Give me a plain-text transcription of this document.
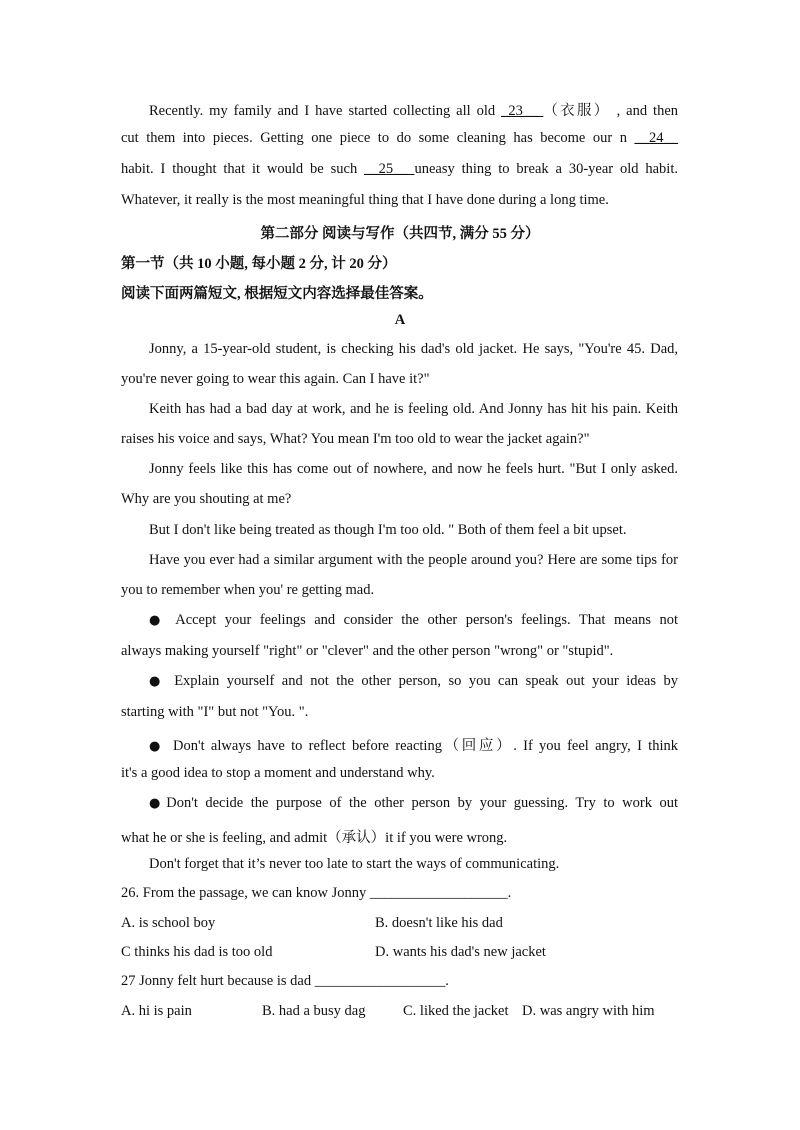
Recently. my family and I have started collecting all old _23__ （衣服） , and then
cut them into pieces. Getting one piece to do some cleaning has become our n __24__
habit. I thought that it would be such __25__ uneasy thing to break a 30-year old habit.
Whatever, it really is the most meaningful thing that I have done during a long time.
第二部分 阅读与写作（共四节, 满分 55 分）
第一节（共 10 小题, 每小题 2 分, 计 20 分）
阅读下面两篇短文, 根据短文内容选择最佳答案。
A
Jonny, a 15-year-old student, is checking his dad's old jacket. He says, "You're 45. Dad,
you're never going to wear this again. Can I have it?"
Keith has had a bad day at work, and he is feeling old. And Jonny has hit his pain. Keith
raises his voice and says, What? You mean I'm too old to wear the jacket again?"
Jonny feels like this has come out of nowhere, and now he feels hurt. "But I only asked.
Why are you shouting at me?
But I don't like being treated as though I'm too old. " Both of them feel a bit upset.
Have you ever had a similar argument with the people around you? Here are some tips for
you to remember when you' re getting mad.
● Accept your feelings and consider the other person's feelings. That means not
always making yourself "right" or "clever" and the other person "wrong" or "stupid".
● Explain yourself and not the other person, so you can speak out your ideas by
starting with "I" but not "You. ".
● Don't always have to reflect before reacting（回应）. If you feel angry, I think
it's a good idea to stop a moment and understand why.
● Don't decide the purpose of the other person by your guessing. Try to work out
what he or she is feeling, and admit（承认）it if you were wrong.
Don't forget that it’s never too late to start the ways of communicating.
26. From the passage, we can know Jonny ___________________.
A. is school boy	B. doesn't like his dad
C thinks his dad is too old	D. wants his dad's new jacket
27 Jonny felt hurt because is dad __________________.
A. hi is pain	B. had a busy dag	C. liked the jacket D. was angry with him
